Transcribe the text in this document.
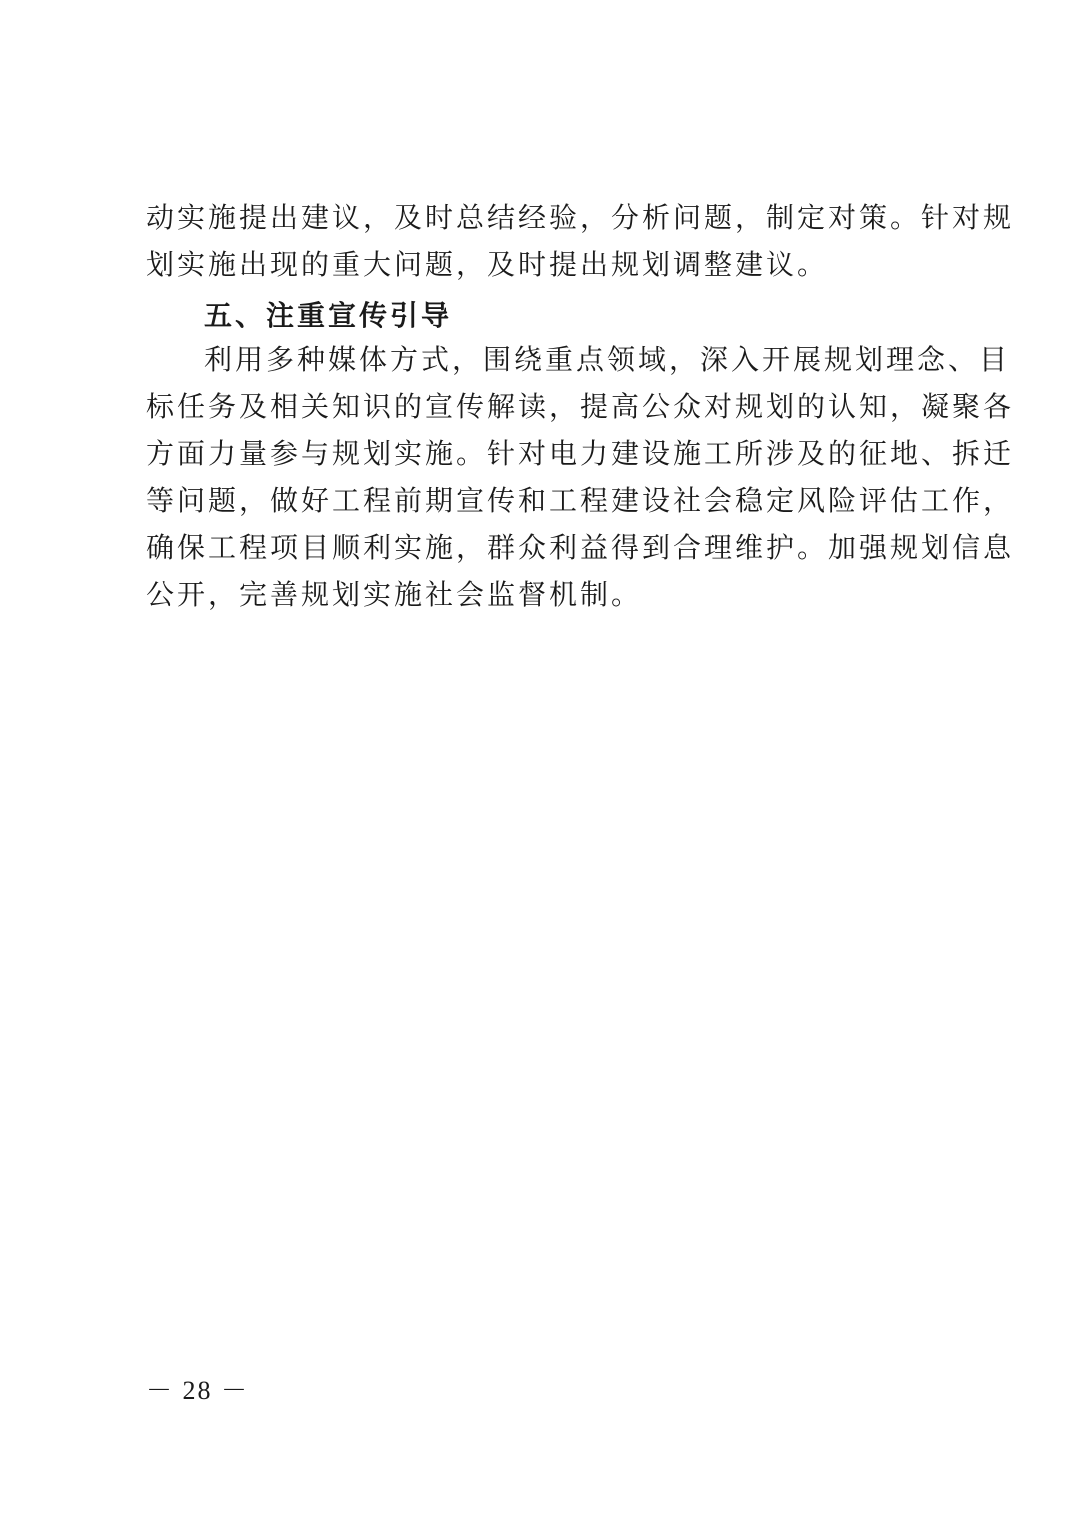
动实施提出建议，及时总结经验，分析问题，制定对策。针对规
划实施出现的重大问题，及时提出规划调整建议。
五、注重宣传引导
利用多种媒体方式，围绕重点领域，深入开展规划理念、目
标任务及相关知识的宣传解读，提高公众对规划的认知，凝聚各
方面力量参与规划实施。针对电力建设施工所涉及的征地、拆迁
等问题，做好工程前期宣传和工程建设社会稳定风险评估工作，
确保工程项目顺利实施，群众利益得到合理维护。加强规划信息
公开，完善规划实施社会监督机制。
－ 28 －
